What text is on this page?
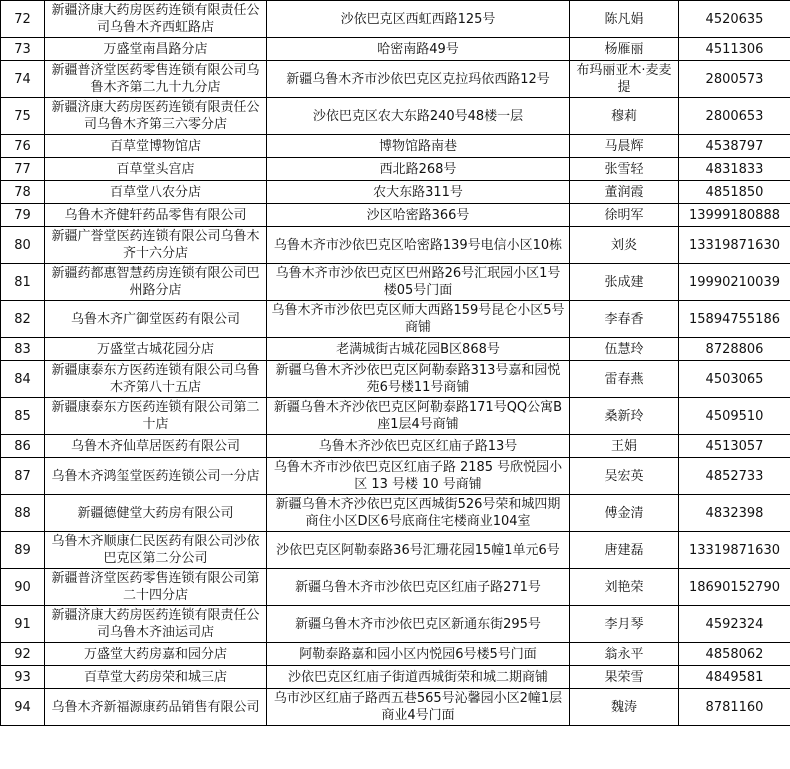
72	新疆济康大药房医药连锁有限责任公司乌鲁木齐西虹路店	沙依巴克区西虹西路125号	陈凡娟	4520635
73	万盛堂南昌路分店	哈密南路49号	杨雁丽	4511306
74	新疆普济堂医药零售连锁有限公司乌鲁木齐第二九十九分店	新疆乌鲁木齐市沙依巴克区克拉玛依西路12号	布玛丽亚木·麦麦提	2800573
75	新疆济康大药房医药连锁有限责任公司乌鲁木齐第三六零分店	沙依巴克区农大东路240号48楼一层	穆莉	2800653
76	百草堂博物馆店	博物馆路南巷	马晨辉	4538797
77	百草堂头宫店	西北路268号	张雪轻	4831833
78	百草堂八农分店	农大东路311号	董润霞	4851850
79	乌鲁木齐健轩药品零售有限公司	沙区哈密路366号	徐明军	13999180888
80	新疆广誉堂医药连锁有限公司乌鲁木齐十六分店	乌鲁木齐市沙依巴克区哈密路139号电信小区10栋	刘炎	13319871630
81	新疆药都惠智慧药房连锁有限公司巴州路分店	乌鲁木齐市沙依巴克区巴州路26号汇珉园小区1号楼05号门面	张成建	19990210039
82	乌鲁木齐广御堂医药有限公司	乌鲁木齐市沙依巴克区师大西路159号昆仑小区5号商铺	李春香	15894755186
83	万盛堂古城花园分店	老满城街古城花园B区868号	伍慧玲	8728806
84	新疆康泰东方医药连锁有限公司乌鲁木齐第八十五店	新疆乌鲁木齐沙依巴克区阿勒泰路313号嘉和园悦苑6号楼11号商铺	雷春燕	4503065
85	新疆康泰东方医药连锁有限公司第二十店	新疆乌鲁木齐沙依巴克区阿勒泰路171号QQ公寓B座1层4号商铺	桑新玲	4509510
86	乌鲁木齐仙草居医药有限公司	乌鲁木齐沙依巴克区红庙子路13号	王娟	4513057
87	乌鲁木齐鸿玺堂医药连锁公司一分店	乌鲁木齐市沙依巴克区红庙子路 2185 号欣悦园小区 13 号楼 10 号商铺	吴宏英	4852733
88	新疆德健堂大药房有限公司	新疆乌鲁木齐沙依巴克区西城街526号荣和城四期商住小区D区6号底商住宅楼商业104室	傅金清	4832398
89	乌鲁木齐顺康仁民医药有限公司沙依巴克区第二分公司	沙依巴克区阿勒泰路36号汇珊花园15幢1单元6号	唐建磊	13319871630
90	新疆普济堂医药零售连锁有限公司第二十四分店	新疆乌鲁木齐市沙依巴克区红庙子路271号	刘艳荣	18690152790
91	新疆济康大药房医药连锁有限责任公司乌鲁木齐油运司店	新疆乌鲁木齐市沙依巴克区新通东街295号	李月琴	4592324
92	万盛堂大药房嘉和园分店	阿勒泰路嘉和园小区内悦园6号楼5号门面	翁永平	4858062
93	百草堂大药房荣和城三店	沙依巴克区红庙子街道西城街荣和城二期商铺	果荣雪	4849581
94	乌鲁木齐新福源康药品销售有限公司	乌市沙区红庙子路西五巷565号沁馨园小区2幢1层商业4号门面	魏涛	8781160
